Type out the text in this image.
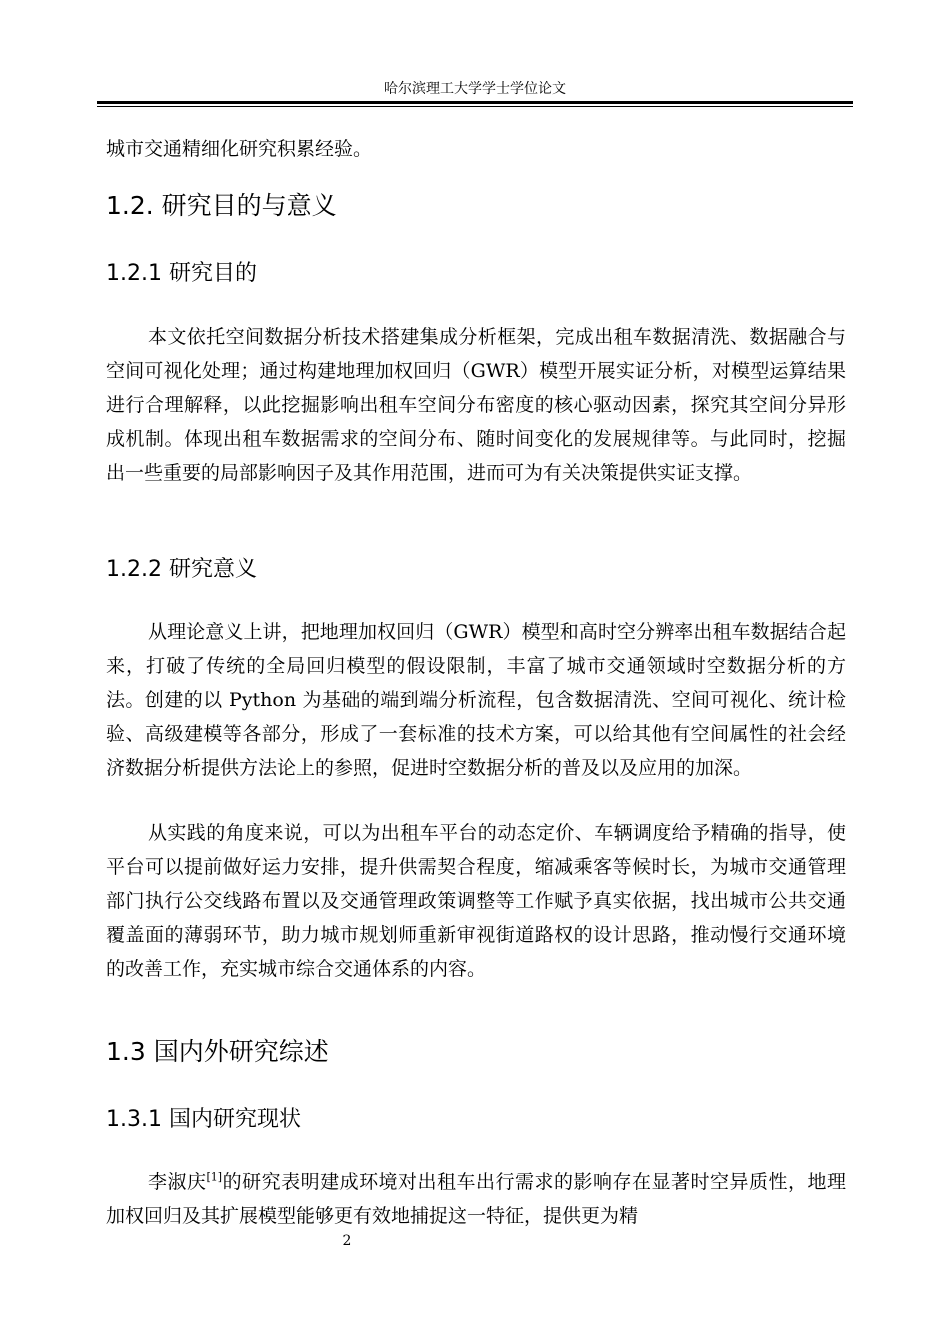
哈尔滨理工大学学士学位论文

城市交通精细化研究积累经验。

1.2. 研究目的与意义
1.2.1 研究目的

本文依托空间数据分析技术搭建集成分析框架，完成出租车数据清洗、数据融合与空间可视化处理；通过构建地理加权回归（GWR）模型开展实证分析，对模型运算结果进行合理解释，以此挖掘影响出租车空间分布密度的核心驱动因素，探究其空间分异形成机制。体现出租车数据需求的空间分布、随时间变化的发展规律等。与此同时，挖掘出一些重要的局部影响因子及其作用范围，进而可为有关决策提供实证支撑。

1.2.2 研究意义

从理论意义上讲，把地理加权回归（GWR）模型和高时空分辨率出租车数据结合起来，打破了传统的全局回归模型的假设限制，丰富了城市交通领域时空数据分析的方法。创建的以 Python 为基础的端到端分析流程，包含数据清洗、空间可视化、统计检验、高级建模等各部分，形成了一套标准的技术方案，可以给其他有空间属性的社会经济数据分析提供方法论上的参照，促进时空数据分析的普及以及应用的加深。

从实践的角度来说，可以为出租车平台的动态定价、车辆调度给予精确的指导，使平台可以提前做好运力安排，提升供需契合程度，缩减乘客等候时长，为城市交通管理部门执行公交线路布置以及交通管理政策调整等工作赋予真实依据，找出城市公共交通覆盖面的薄弱环节，助力城市规划师重新审视街道路权的设计思路，推动慢行交通环境的改善工作，充实城市综合交通体系的内容。

1.3 国内外研究综述
1.3.1 国内研究现状

李淑庆[1]的研究表明建成环境对出租车出行需求的影响存在显著时空异质性，地理加权回归及其扩展模型能够更有效地捕捉这一特征，提供更为精

2
